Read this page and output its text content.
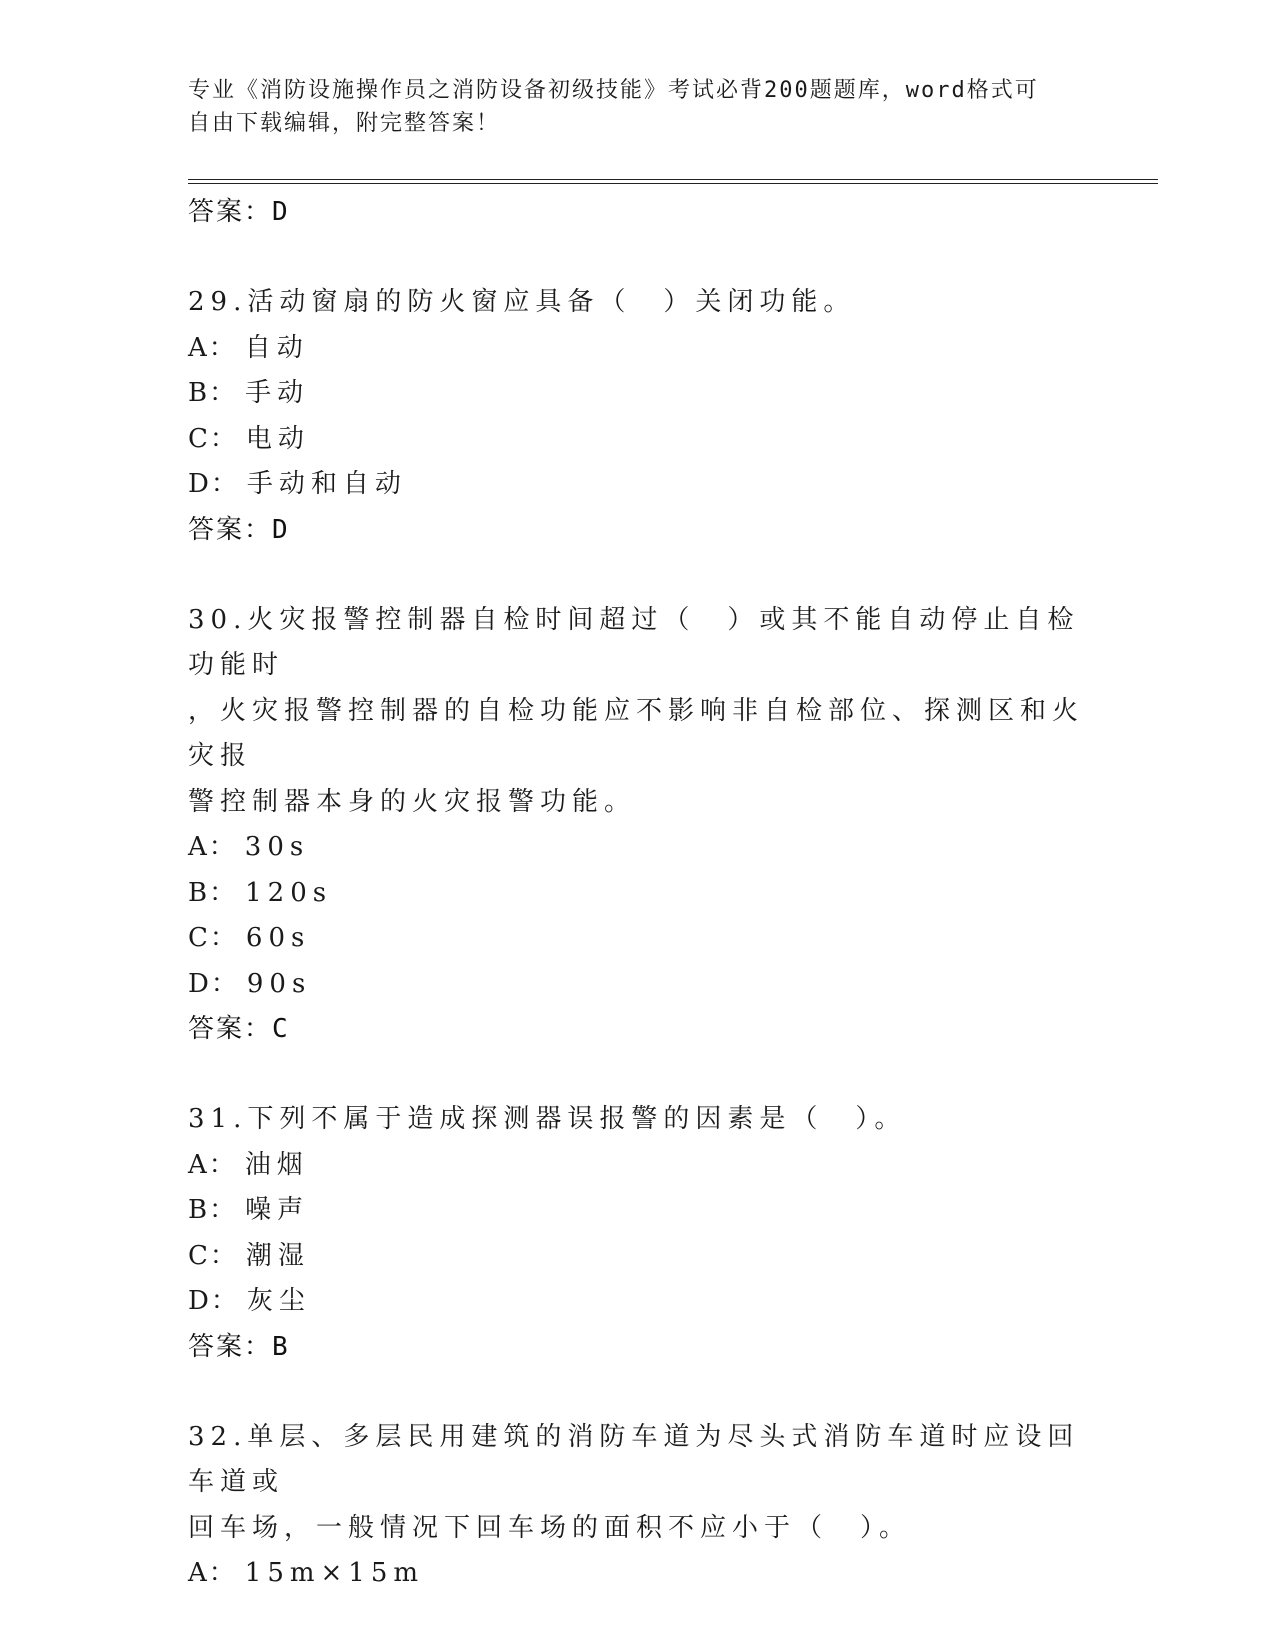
专业《消防设施操作员之消防设备初级技能》考试必背200题题库，word格式可
自由下载编辑，附完整答案！
答案：D
29.活动窗扇的防火窗应具备（　）关闭功能。
A： 自动
B： 手动
C： 电动
D： 手动和自动
答案：D
30.火灾报警控制器自检时间超过（　）或其不能自动停止自检功能时
，火灾报警控制器的自检功能应不影响非自检部位、探测区和火灾报
警控制器本身的火灾报警功能。
A： 30s
B： 120s
C： 60s
D： 90s
答案：C
31.下列不属于造成探测器误报警的因素是（　）。
A： 油烟
B： 噪声
C： 潮湿
D： 灰尘
答案：B
32.单层、多层民用建筑的消防车道为尽头式消防车道时应设回车道或
回车场，一般情况下回车场的面积不应小于（　）。
A： 15m×15m
